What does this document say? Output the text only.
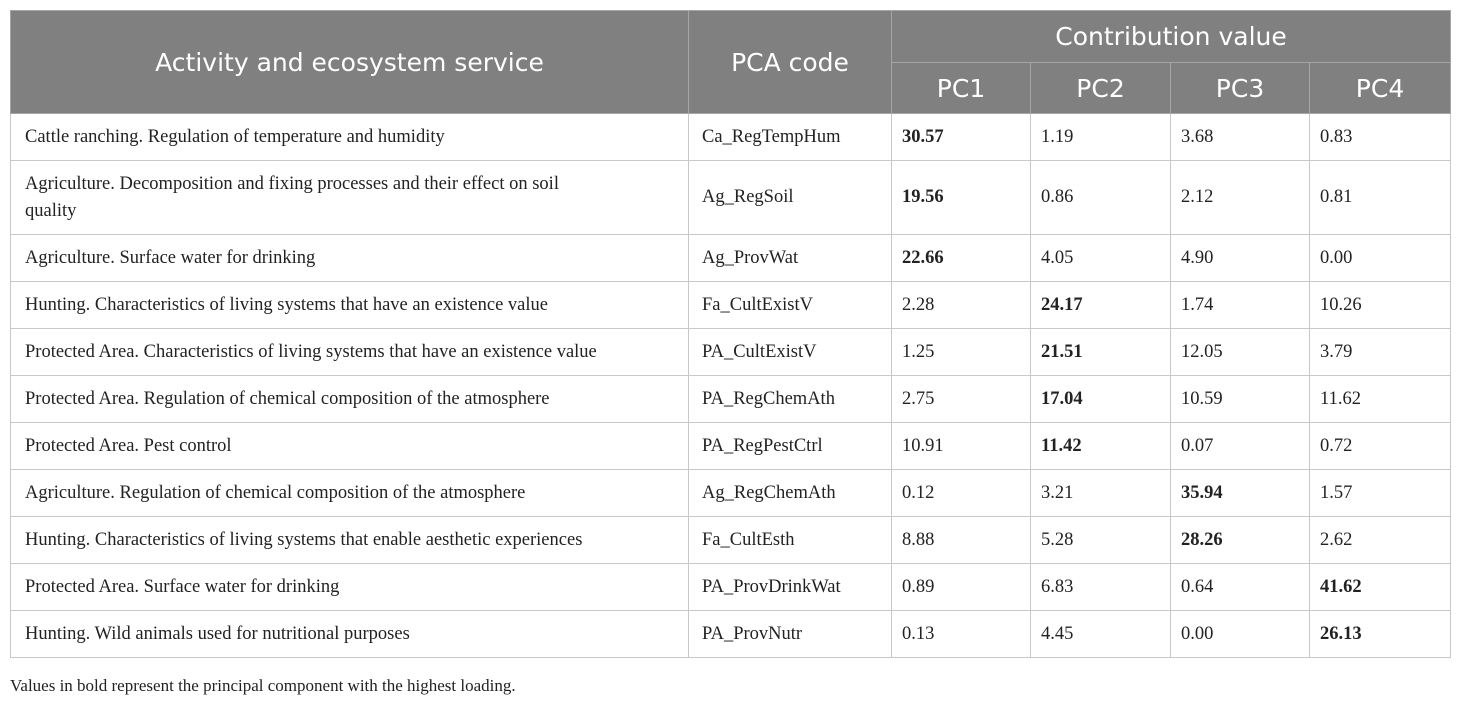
Activity and ecosystem service	PCA code	Contribution value			
		PC1	PC2	PC3	PC4
Cattle ranching. Regulation of temperature and humidity	Ca_RegTempHum	30.57	1.19	3.68	0.83
Agriculture. Decomposition and fixing processes and their effect on soil quality	Ag_RegSoil	19.56	0.86	2.12	0.81
Agriculture. Surface water for drinking	Ag_ProvWat	22.66	4.05	4.90	0.00
Hunting. Characteristics of living systems that have an existence value	Fa_CultExistV	2.28	24.17	1.74	10.26
Protected Area. Characteristics of living systems that have an existence value	PA_CultExistV	1.25	21.51	12.05	3.79
Protected Area. Regulation of chemical composition of the atmosphere	PA_RegChemAth	2.75	17.04	10.59	11.62
Protected Area. Pest control	PA_RegPestCtrl	10.91	11.42	0.07	0.72
Agriculture. Regulation of chemical composition of the atmosphere	Ag_RegChemAth	0.12	3.21	35.94	1.57
Hunting. Characteristics of living systems that enable aesthetic experiences	Fa_CultEsth	8.88	5.28	28.26	2.62
Protected Area. Surface water for drinking	PA_ProvDrinkWat	0.89	6.83	0.64	41.62
Hunting. Wild animals used for nutritional purposes	PA_ProvNutr	0.13	4.45	0.00	26.13
Values in bold represent the principal component with the highest loading.
